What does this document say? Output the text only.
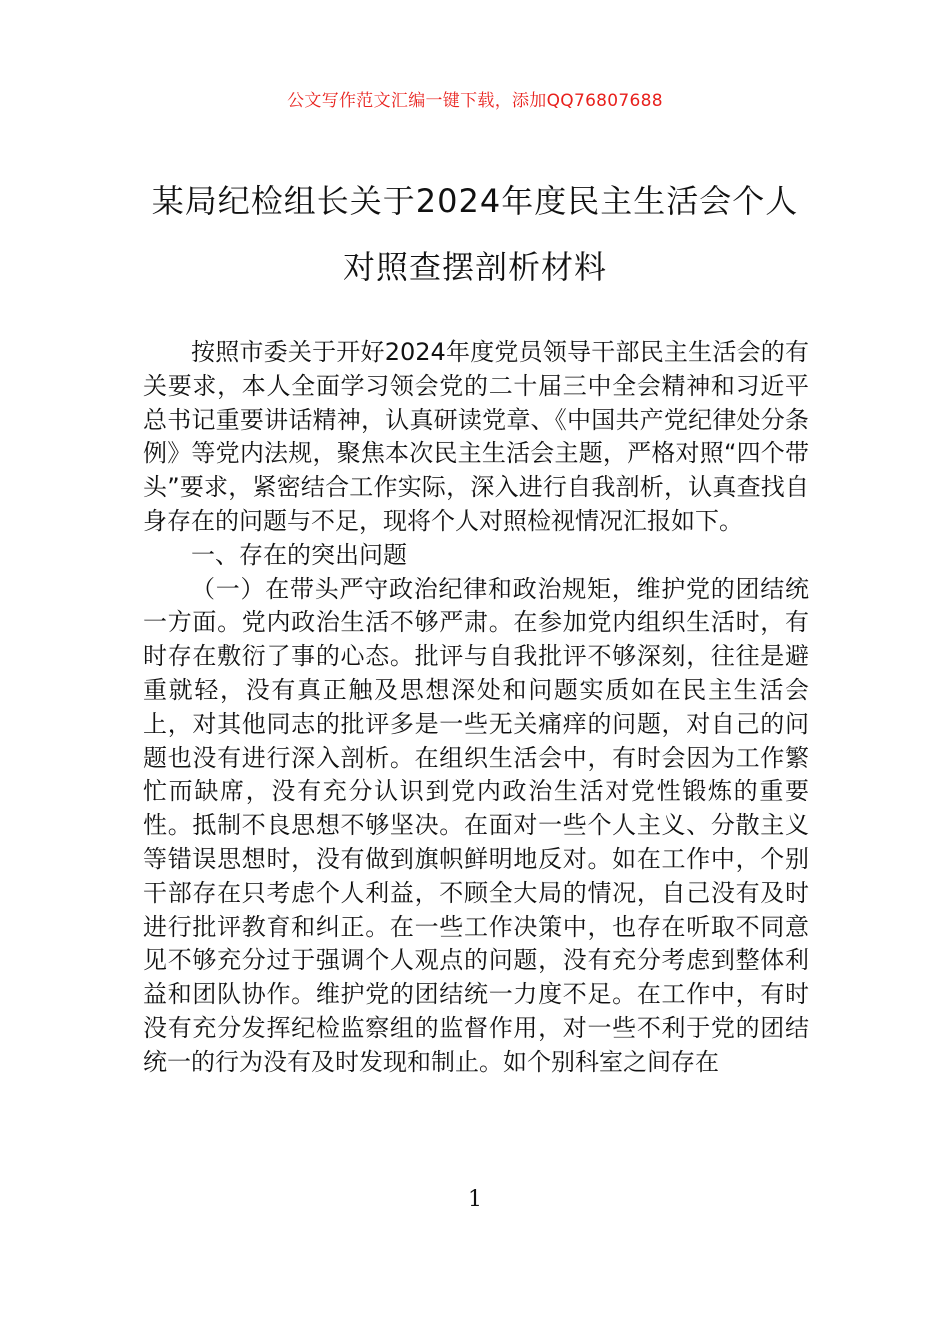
公文写作范文汇编一键下载，添加QQ76807688
某局纪检组长关于2024年度民主生活会个人对照查摆剖析材料

按照市委关于开好2024年度党员领导干部民主生活会的有关要求，本人全面学习领会党的二十届三中全会精神和习近平总书记重要讲话精神，认真研读党章、《中国共产党纪律处分条例》等党内法规，聚焦本次民主生活会主题，严格对照“四个带头”要求，紧密结合工作实际，深入进行自我剖析，认真查找自身存在的问题与不足，现将个人对照检视情况汇报如下。

一、存在的突出问题

（一）在带头严守政治纪律和政治规矩，维护党的团结统一方面。党内政治生活不够严肃。在参加党内组织生活时，有时存在敷衍了事的心态。批评与自我批评不够深刻，往往是避重就轻，没有真正触及思想深处和问题实质如在民主生活会上，对其他同志的批评多是一些无关痛痒的问题，对自己的问题也没有进行深入剖析。在组织生活会中，有时会因为工作繁忙而缺席，没有充分认识到党内政治生活对党性锻炼的重要性。抵制不良思想不够坚决。在面对一些个人主义、分散主义等错误思想时，没有做到旗帜鲜明地反对。如在工作中，个别干部存在只考虑个人利益，不顾全大局的情况，自己没有及时进行批评教育和纠正。在一些工作决策中，也存在听取不同意见不够充分过于强调个人观点的问题，没有充分考虑到整体利益和团队协作。维护党的团结统一力度不足。在工作中，有时没有充分发挥纪检监察组的监督作用，对一些不利于党的团结统一的行为没有及时发现和制止。如个别科室之间存在

1
